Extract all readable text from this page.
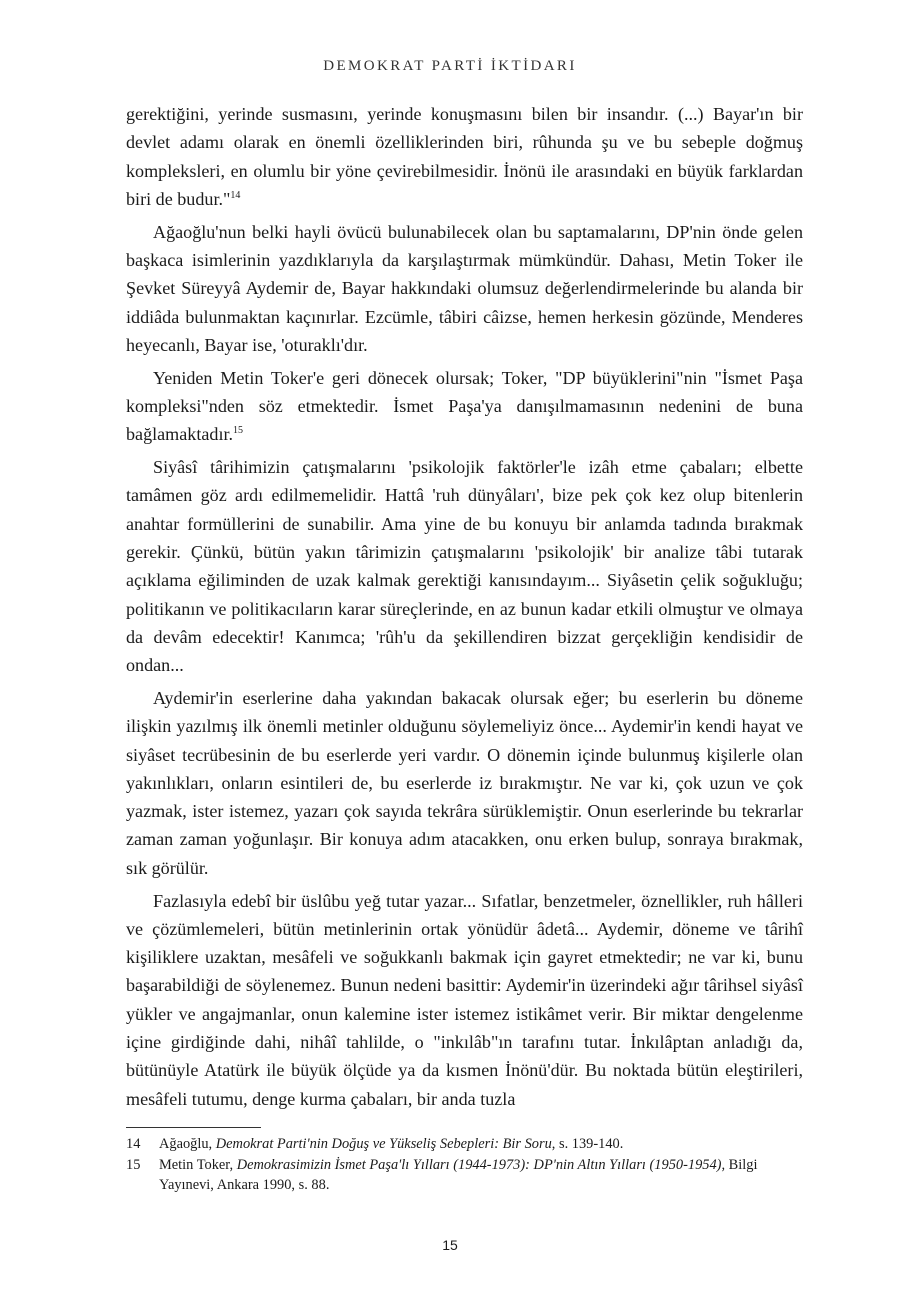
DEMOKRAT PARTİ İKTİDARI

gerektiğini, yerinde susmasını, yerinde konuşmasını bilen bir insandır. (...) Bayar'ın bir devlet adamı olarak en önemli özelliklerinden biri, rûhunda şu ve bu sebeple doğmuş kompleksleri, en olumlu bir yöne çevirebilmesidir. İnönü ile arasındaki en büyük farklardan biri de budur."$^{14}$

Ağaoğlu'nun belki hayli övücü bulunabilecek olan bu saptamalarını, DP'nin önde gelen başkaca isimlerinin yazdıklarıyla da karşılaştırmak mümkündür. Dahası, Metin Toker ile Şevket Süreyyâ Aydemir de, Bayar hakkındaki olumsuz değerlendirmelerinde bu alanda bir iddiâda bulunmaktan kaçınırlar. Ezcümle, tâbiri câizse, hemen herkesin gözünde, Menderes heyecanlı, Bayar ise, 'oturaklı'dır.

Yeniden Metin Toker'e geri dönecek olursak; Toker, "DP büyüklerini"nin "İsmet Paşa kompleksi"nden söz etmektedir. İsmet Paşa'ya danışılmamasının nedenini de buna bağlamaktadır.$^{15}$

Siyâsî târihimizin çatışmalarını 'psikolojik faktörler'le izâh etme çabaları; elbette tamâmen göz ardı edilmemelidir. Hattâ 'ruh dünyâları', bize pek çok kez olup bitenlerin anahtar formüllerini de sunabilir. Ama yine de bu konuyu bir anlamda tadında bırakmak gerekir. Çünkü, bütün yakın târimizin çatışmalarını 'psikolojik' bir analize tâbi tutarak açıklama eğiliminden de uzak kalmak gerektiği kanısındayım... Siyâsetin çelik soğukluğu; politikanın ve politikacıların karar süreçlerinde, en az bunun kadar etkili olmuştur ve olmaya da devâm edecektir! Kanımca; 'rûh'u da şekillendiren bizzat gerçekliğin kendisidir de ondan...

Aydemir'in eserlerine daha yakından bakacak olursak eğer; bu eserlerin bu döneme ilişkin yazılmış ilk önemli metinler olduğunu söylemeliyiz önce... Aydemir'in kendi hayat ve siyâset tecrübesinin de bu eserlerde yeri vardır. O dönemin içinde bulunmuş kişilerle olan yakınlıkları, onların esintileri de, bu eserlerde iz bırakmıştır. Ne var ki, çok uzun ve çok yazmak, ister istemez, yazarı çok sayıda tekrâra sürüklemiştir. Onun eserlerinde bu tekrarlar zaman zaman yoğunlaşır. Bir konuya adım atacakken, onu erken bulup, sonraya bırakmak, sık görülür.

Fazlasıyla edebî bir üslûbu yeğ tutar yazar... Sıfatlar, benzetmeler, öznellikler, ruh hâlleri ve çözümlemeleri, bütün metinlerinin ortak yönüdür âdetâ... Aydemir, döneme ve târihî kişiliklere uzaktan, mesâfeli ve soğukkanlı bakmak için gayret etmektedir; ne var ki, bunu başarabildiği de söylenemez. Bunun nedeni basittir: Aydemir'in üzerindeki ağır târihsel siyâsî yükler ve angajmanlar, onun kalemine ister istemez istikâmet verir. Bir miktar dengelenme içine girdiğinde dahi, nihâî tahlilde, o "inkılâb"ın tarafını tutar. İnkılâptan anladığı da, bütünüyle Atatürk ile büyük ölçüde ya da kısmen İnönü'dür. Bu noktada bütün eleştirileri, mesâfeli tutumu, denge kurma çabaları, bir anda tuzla

14 Ağaoğlu, Demokrat Parti'nin Doğuş ve Yükseliş Sebepleri: Bir Soru, s. 139-140.
15 Metin Toker, Demokrasimizin İsmet Paşa'lı Yılları (1944-1973): DP'nin Altın Yılları (1950-1954), Bilgi Yayınevi, Ankara 1990, s. 88.
15
